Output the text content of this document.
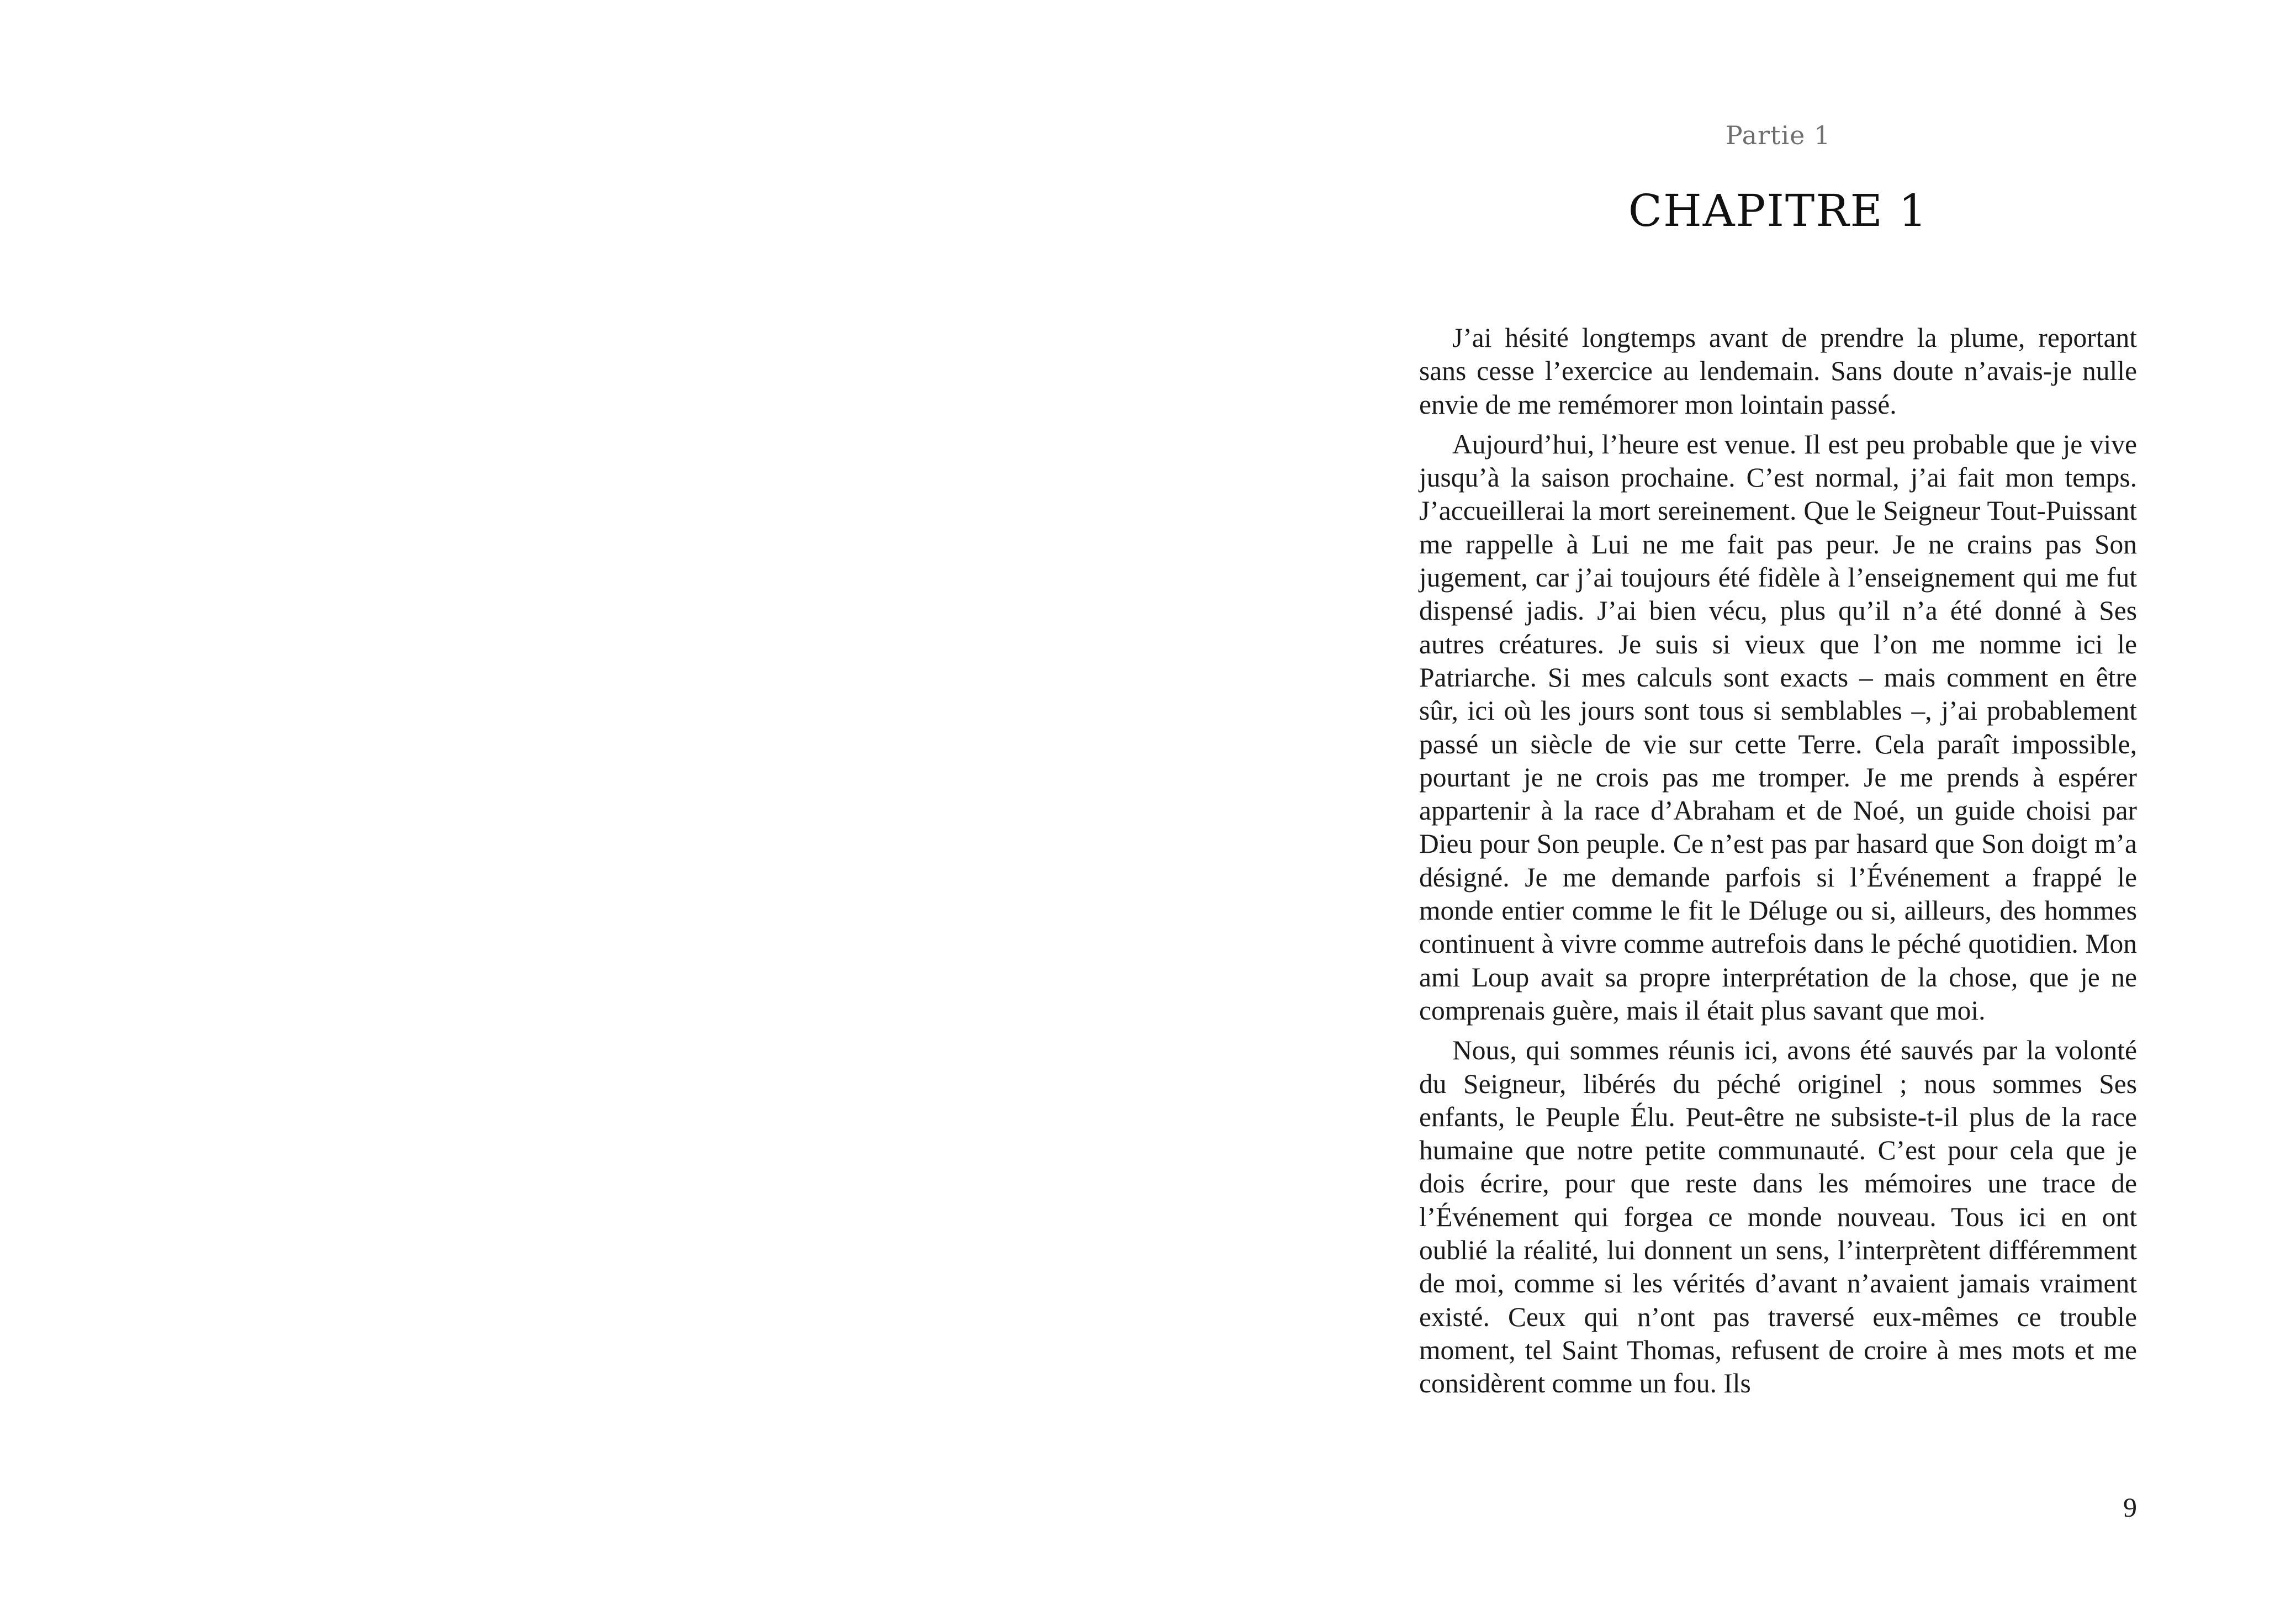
Partie 1
CHAPITRE 1

J’ai hésité longtemps avant de prendre la plume, reportant sans cesse l’exercice au lendemain. Sans doute n’avais-je nulle envie de me remémorer mon lointain passé.

Aujourd’hui, l’heure est venue. Il est peu probable que je vive jusqu’à la saison prochaine. C’est normal, j’ai fait mon temps. J’accueillerai la mort sereinement. Que le Seigneur Tout-Puissant me rappelle à Lui ne me fait pas peur. Je ne crains pas Son jugement, car j’ai toujours été fidèle à l’enseignement qui me fut dispensé jadis. J’ai bien vécu, plus qu’il n’a été donné à Ses autres créatures. Je suis si vieux que l’on me nomme ici le Patriarche. Si mes calculs sont exacts – mais comment en être sûr, ici où les jours sont tous si semblables –, j’ai probablement passé un siècle de vie sur cette Terre. Cela paraît impossible, pourtant je ne crois pas me tromper. Je me prends à espérer appartenir à la race d’Abraham et de Noé, un guide choisi par Dieu pour Son peuple. Ce n’est pas par hasard que Son doigt m’a désigné. Je me demande parfois si l’Événement a frappé le monde entier comme le fit le Déluge ou si, ailleurs, des hommes continuent à vivre comme autrefois dans le péché quotidien. Mon ami Loup avait sa propre interprétation de la chose, que je ne comprenais guère, mais il était plus savant que moi.

Nous, qui sommes réunis ici, avons été sauvés par la volonté du Seigneur, libérés du péché originel ; nous sommes Ses enfants, le Peuple Élu. Peut-être ne subsiste-t-il plus de la race humaine que notre petite communauté. C’est pour cela que je dois écrire, pour que reste dans les mémoires une trace de l’Événement qui forgea ce monde nouveau. Tous ici en ont oublié la réalité, lui donnent un sens, l’interprètent différemment de moi, comme si les vérités d’avant n’avaient jamais vraiment existé. Ceux qui n’ont pas traversé eux-mêmes ce trouble moment, tel Saint Thomas, refusent de croire à mes mots et me considèrent comme un fou. Ils

9
